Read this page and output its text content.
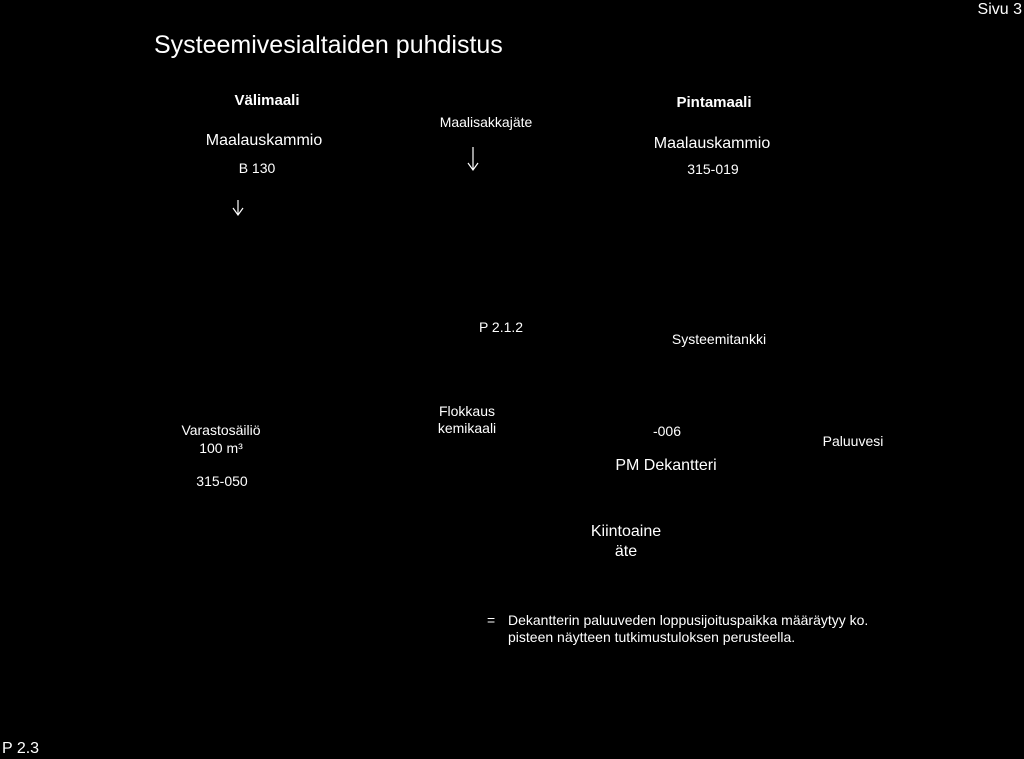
Sivu 3
Systeemivesialtaiden puhdistus
Välimaali
Maalauskammio
B 130
Maalisakkajäte
Pintamaali
Maalauskammio
315-019
P 2.1.2
Systeemitankki
Varastosäiliö
100 m³
315-050
Flokkaus
kemikaali	-006
PM Dekantteri
Paluuvesi
Kiintoaine
äte
= Dekantterin paluuveden loppusijoituspaikka määräytyy ko.
pisteen näytteen tutkimustuloksen perusteella.
P 2.3
